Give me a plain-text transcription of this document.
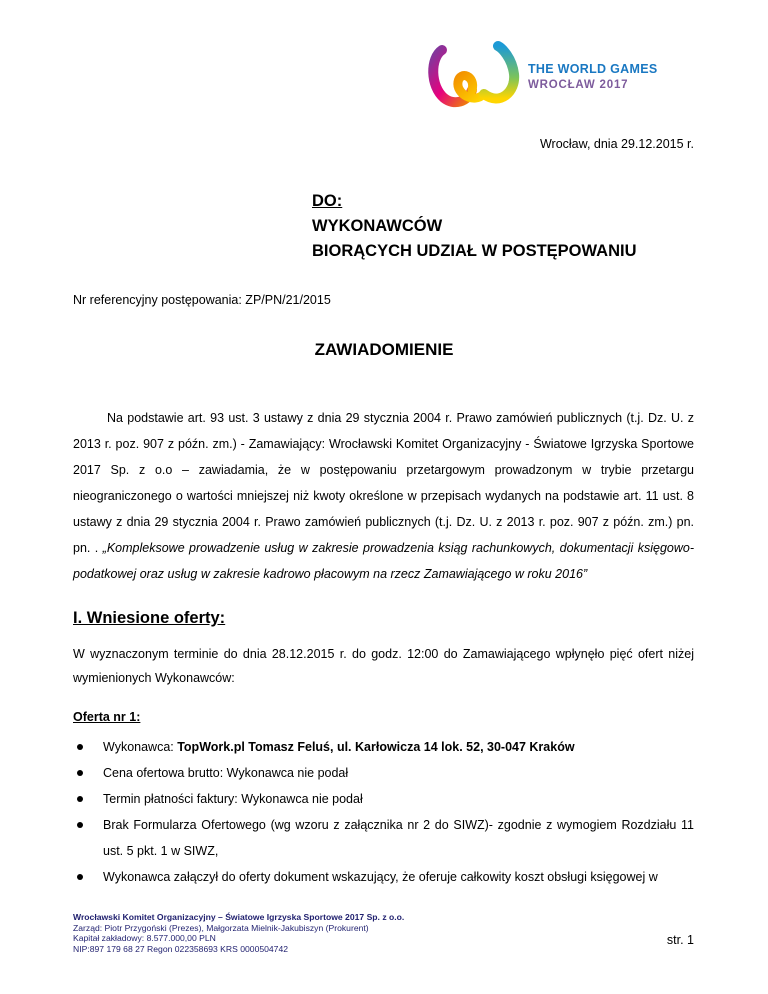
THE WORLD GAMES
WROCŁAW 2017
Wrocław, dnia 29.12.2015 r.
DO:
WYKONAWCÓW
BIORĄCYCH UDZIAŁ W POSTĘPOWANIU
Nr referencyjny postępowania: ZP/PN/21/2015
ZAWIADOMIENIE

Na podstawie art. 93 ust. 3 ustawy z dnia 29 stycznia 2004 r. Prawo zamówień publicznych (t.j. Dz. U. z 2013 r. poz. 907 z późn. zm.) - Zamawiający: Wrocławski Komitet Organizacyjny - Światowe Igrzyska Sportowe 2017 Sp. z o.o – zawiadamia, że w postępowaniu przetargowym prowadzonym w trybie przetargu nieograniczonego o wartości mniejszej niż kwoty określone w przepisach wydanych na podstawie art. 11 ust. 8 ustawy z dnia 29 stycznia 2004 r. Prawo zamówień publicznych (t.j. Dz. U. z 2013 r. poz. 907 z późn. zm.) pn. pn. . „Kompleksowe prowadzenie usług w zakresie prowadzenia ksiąg rachunkowych, dokumentacji księgowo-podatkowej oraz usług w zakresie kadrowo płacowym na rzecz Zamawiającego w roku 2016”

I. Wniesione oferty:

W wyznaczonym terminie do dnia 28.12.2015 r. do godz. 12:00 do Zamawiającego wpłynęło pięć ofert niżej wymienionych Wykonawców:

Oferta nr 1:
Wykonawca: TopWork.pl Tomasz Feluś, ul. Karłowicza 14 lok. 52, 30-047 Kraków
Cena ofertowa brutto: Wykonawca nie podał
Termin płatności faktury: Wykonawca nie podał
Brak Formularza Ofertowego (wg wzoru z załącznika nr 2 do SIWZ)- zgodnie z wymogiem Rozdziału 11 ust. 5 pkt. 1 w SIWZ,
Wykonawca załączył do oferty dokument wskazujący, że oferuje całkowity koszt obsługi księgowej w
str. 1
Wrocławski Komitet Organizacyjny – Światowe Igrzyska Sportowe 2017 Sp. z o.o.
Zarząd: Piotr Przygoński (Prezes), Małgorzata Mielnik-Jakubiszyn (Prokurent)
Kapitał zakładowy: 8.577.000,00 PLN
NIP:897 179 68 27 Regon 022358693 KRS 0000504742
